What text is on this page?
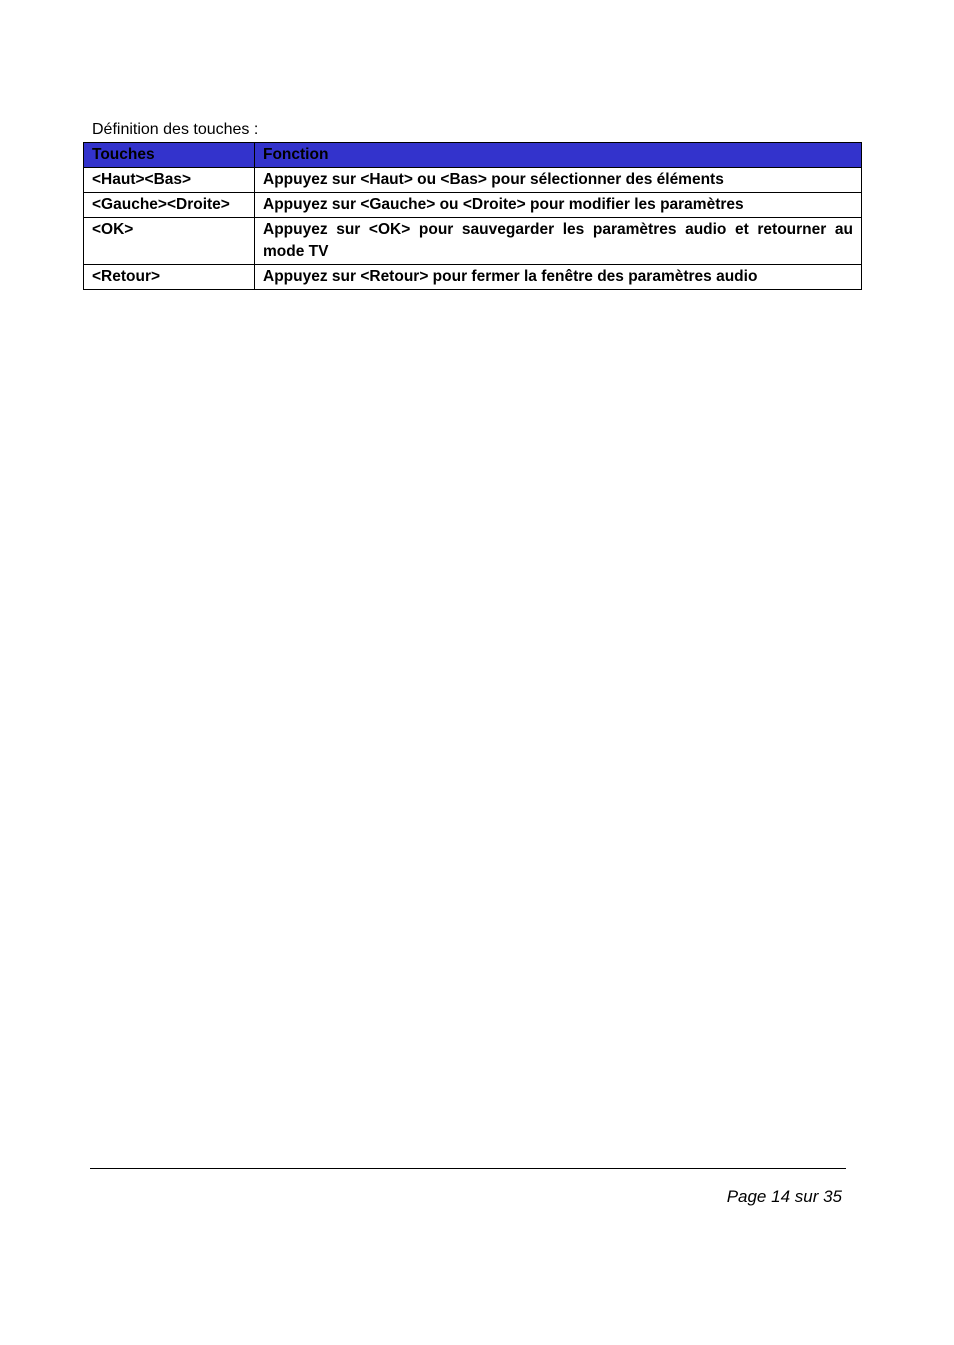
Définition des touches :
Touches	Fonction
<Haut><Bas>	Appuyez sur <Haut> ou <Bas> pour sélectionner des éléments
<Gauche><Droite>	Appuyez sur <Gauche> ou <Droite> pour modifier les paramètres
<OK>	Appuyez sur <OK> pour sauvegarder les paramètres audio et retourner au mode TV
<Retour>	Appuyez sur <Retour> pour fermer la fenêtre des paramètres audio
Page 14 sur 35
